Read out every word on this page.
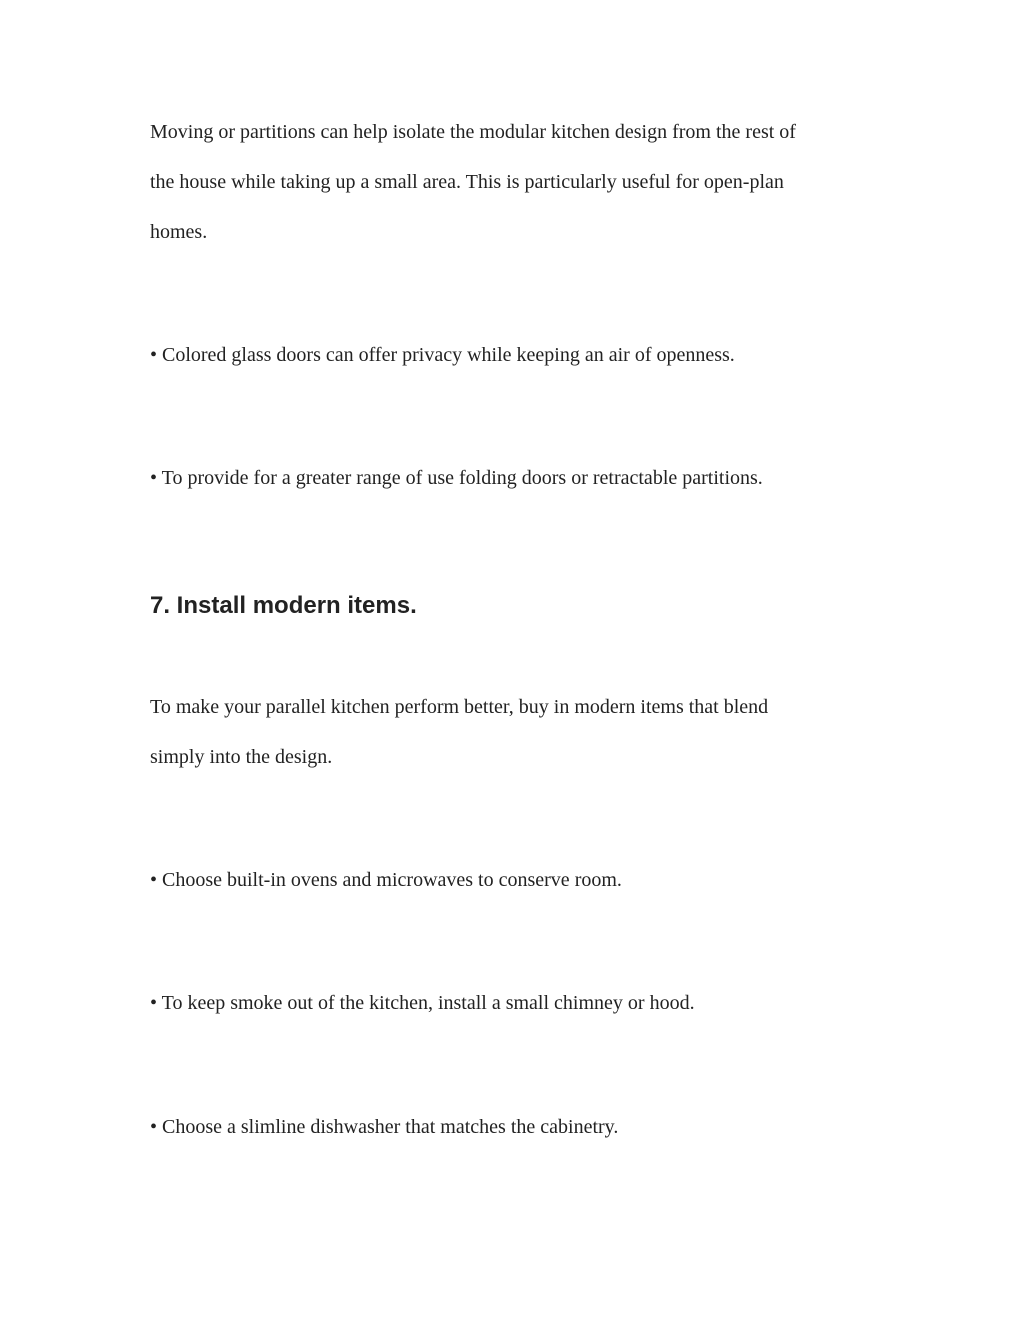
Moving or partitions can help isolate the modular kitchen design from the rest of

the house while taking up a small area. This is particularly useful for open-plan

homes.

• Colored glass doors can offer privacy while keeping an air of openness.

• To provide for a greater range of use folding doors or retractable partitions.

7. Install modern items.

To make your parallel kitchen perform better, buy in modern items that blend

simply into the design.

• Choose built-in ovens and microwaves to conserve room.

• To keep smoke out of the kitchen, install a small chimney or hood.

• Choose a slimline dishwasher that matches the cabinetry.
